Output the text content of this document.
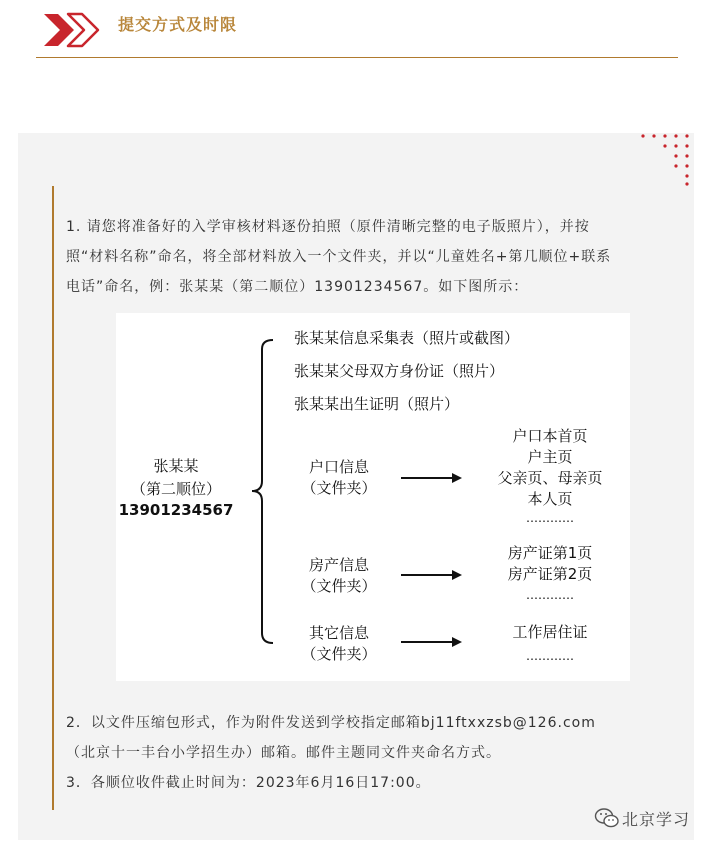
提交方式及时限
1. 请您将准备好的入学审核材料逐份拍照（原件清晰完整的电子版照片），并按
照“材料名称”命名，将全部材料放入一个文件夹，并以“儿童姓名+第几顺位+联系
电话”命名，例：张某某（第二顺位）13901234567。如下图所示：
张某某
（第二顺位）
13901234567
张某某信息采集表（照片或截图）
张某某父母双方身份证（照片）
张某某出生证明（照片）
户口信息
（文件夹）
户口本首页
户主页
父亲页、母亲页
本人页
…………
房产信息
（文件夹）
房产证第1页
房产证第2页
…………
其它信息
（文件夹）
工作居住证
…………
2．以文件压缩包形式，作为附件发送到学校指定邮箱bj11ftxxzsb@126.com
（北京十一丰台小学招生办）邮箱。邮件主题同文件夹命名方式。
3．各顺位收件截止时间为：2023年6月16日17:00。
北京学习
